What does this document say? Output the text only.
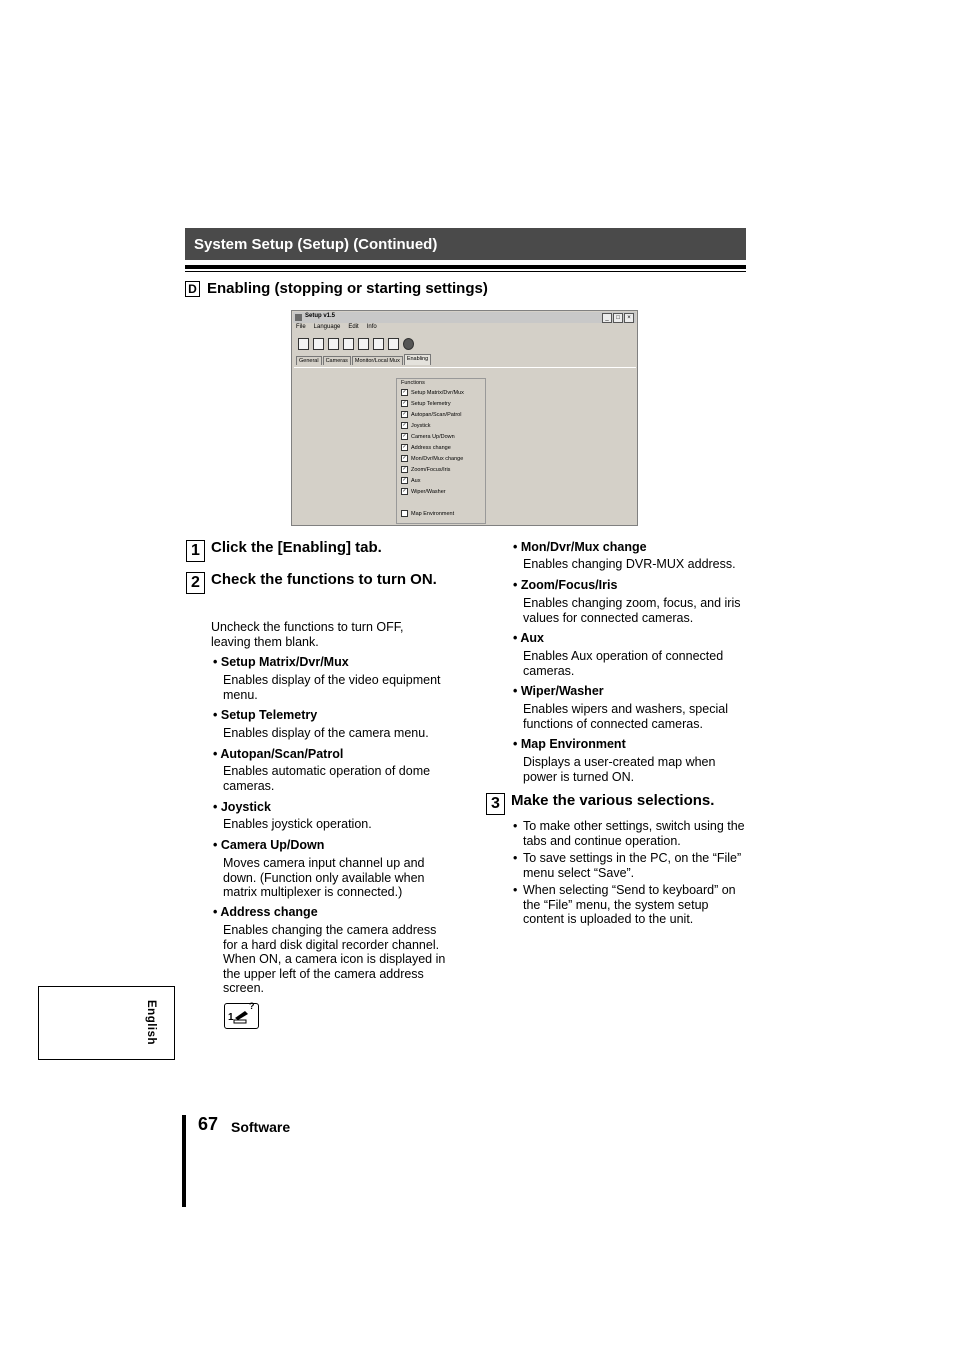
System Setup (Setup) (Continued)
D Enabling (stopping or starting settings)
Setup v1.5	_	□	×
File Language Edit Info
General	Cameras	Monitor/Local Mux	Enabling
Functions
✓ Setup Matrix/Dvr/Mux
✓ Setup Telemetry
✓ Autopan/Scan/Patrol
✓ Joystick
✓ Camera Up/Down
✓ Address change
✓ Mon/Dvr/Mux change
✓ Zoom/Focus/Iris
✓ Aux
✓ Wiper/Washer
Map Environment
1 Click the [Enabling] tab.
2 Check the functions to turn ON.
Uncheck the functions to turn OFF, leaving them blank.
• Setup Matrix/Dvr/Mux
Enables display of the video equipment menu.
• Setup Telemetry
Enables display of the camera menu.
• Autopan/Scan/Patrol
Enables automatic operation of dome cameras.
• Joystick
Enables joystick operation.
• Camera Up/Down
Moves camera input channel up and down. (Function only available when matrix multiplexer is connected.)
• Address change
Enables changing the camera address for a hard disk digital recorder channel. When ON, a camera icon is displayed in the upper left of the camera address screen.
1
?
• Mon/Dvr/Mux change
Enables changing DVR-MUX address.
• Zoom/Focus/Iris
Enables changing zoom, focus, and iris values for connected cameras.
• Aux
Enables Aux operation of connected cameras.
• Wiper/Washer
Enables wipers and washers, special functions of connected cameras.
• Map Environment
Displays a user-created map when power is turned ON.
3 Make the various selections.
• To make other settings, switch using the tabs and continue operation.
• To save settings in the PC, on the “File” menu select “Save”.
• When selecting “Send to keyboard” on the “File” menu, the system setup content is uploaded to the unit.
English
67 Software
